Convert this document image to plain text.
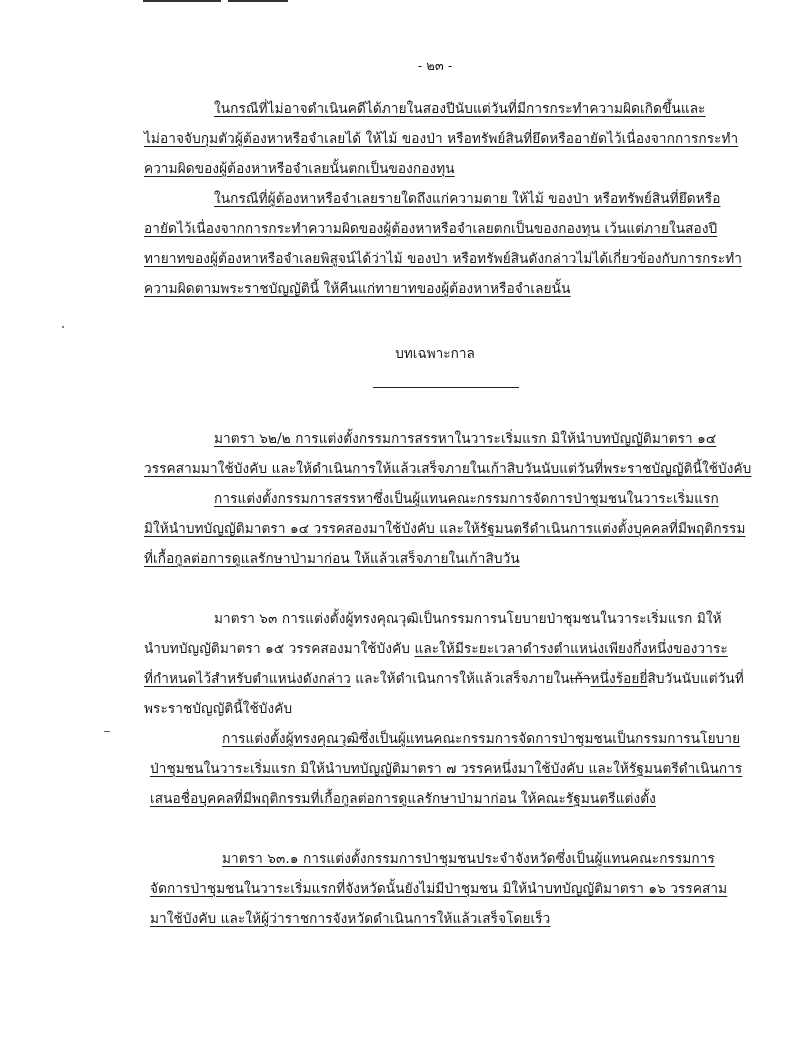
- ๒๓ -
ในกรณีที่ไม่อาจดำเนินคดีได้ภายในสองปีนับแต่วันที่มีการกระทำความผิดเกิดขึ้นและ
ไม่อาจจับกุมตัวผู้ต้องหาหรือจำเลยได้ ให้ไม้ ของป่า หรือทรัพย์สินที่ยึดหรืออายัดไว้เนื่องจากการกระทำ
ความผิดของผู้ต้องหาหรือจำเลยนั้นตกเป็นของกองทุน
ในกรณีที่ผู้ต้องหาหรือจำเลยรายใดถึงแก่ความตาย ให้ไม้ ของป่า หรือทรัพย์สินที่ยึดหรือ
อายัดไว้เนื่องจากการกระทำความผิดของผู้ต้องหาหรือจำเลยตกเป็นของกองทุน เว้นแต่ภายในสองปี
ทายาทของผู้ต้องหาหรือจำเลยพิสูจน์ได้ว่าไม้ ของป่า หรือทรัพย์สินดังกล่าวไม่ได้เกี่ยวข้องกับการกระทำ
ความผิดตามพระราชบัญญัตินี้ ให้คืนแก่ทายาทของผู้ต้องหาหรือจำเลยนั้น
บทเฉพาะกาล
มาตรา ๖๒/๒ การแต่งตั้งกรรมการสรรหาในวาระเริ่มแรก มิให้นำบทบัญญัติมาตรา ๑๔
วรรคสามมาใช้บังคับ และให้ดำเนินการให้แล้วเสร็จภายในเก้าสิบวันนับแต่วันที่พระราชบัญญัตินี้ใช้บังคับ
การแต่งตั้งกรรมการสรรหาซึ่งเป็นผู้แทนคณะกรรมการจัดการป่าชุมชนในวาระเริ่มแรก
มิให้นำบทบัญญัติมาตรา ๑๔ วรรคสองมาใช้บังคับ และให้รัฐมนตรีดำเนินการแต่งตั้งบุคคลที่มีพฤติกรรม
ที่เกื้อกูลต่อการดูแลรักษาป่ามาก่อน ให้แล้วเสร็จภายในเก้าสิบวัน
มาตรา ๖๓ การแต่งตั้งผู้ทรงคุณวุฒิเป็นกรรมการนโยบายป่าชุมชนในวาระเริ่มแรก มิให้
นำบทบัญญัติมาตรา ๑๕ วรรคสองมาใช้บังคับ และให้มีระยะเวลาดำรงตำแหน่งเพียงกึ่งหนึ่งของวาระ
ที่กำหนดไว้สำหรับตำแหน่งดังกล่าว และให้ดำเนินการให้แล้วเสร็จภายในเก้าหนึ่งร้อยยี่สิบวันนับแต่วันที่
พระราชบัญญัตินี้ใช้บังคับ
การแต่งตั้งผู้ทรงคุณวุฒิซึ่งเป็นผู้แทนคณะกรรมการจัดการป่าชุมชนเป็นกรรมการนโยบาย
ป่าชุมชนในวาระเริ่มแรก มิให้นำบทบัญญัติมาตรา ๗ วรรคหนึ่งมาใช้บังคับ และให้รัฐมนตรีดำเนินการ
เสนอชื่อบุคคลที่มีพฤติกรรมที่เกื้อกูลต่อการดูแลรักษาป่ามาก่อน ให้คณะรัฐมนตรีแต่งตั้ง
มาตรา ๖๓.๑ การแต่งตั้งกรรมการป่าชุมชนประจำจังหวัดซึ่งเป็นผู้แทนคณะกรรมการ
จัดการป่าชุมชนในวาระเริ่มแรกที่จังหวัดนั้นยังไม่มีป่าชุมชน มิให้นำบทบัญญัติมาตรา ๑๖ วรรคสาม
มาใช้บังคับ และให้ผู้ว่าราชการจังหวัดดำเนินการให้แล้วเสร็จโดยเร็ว
